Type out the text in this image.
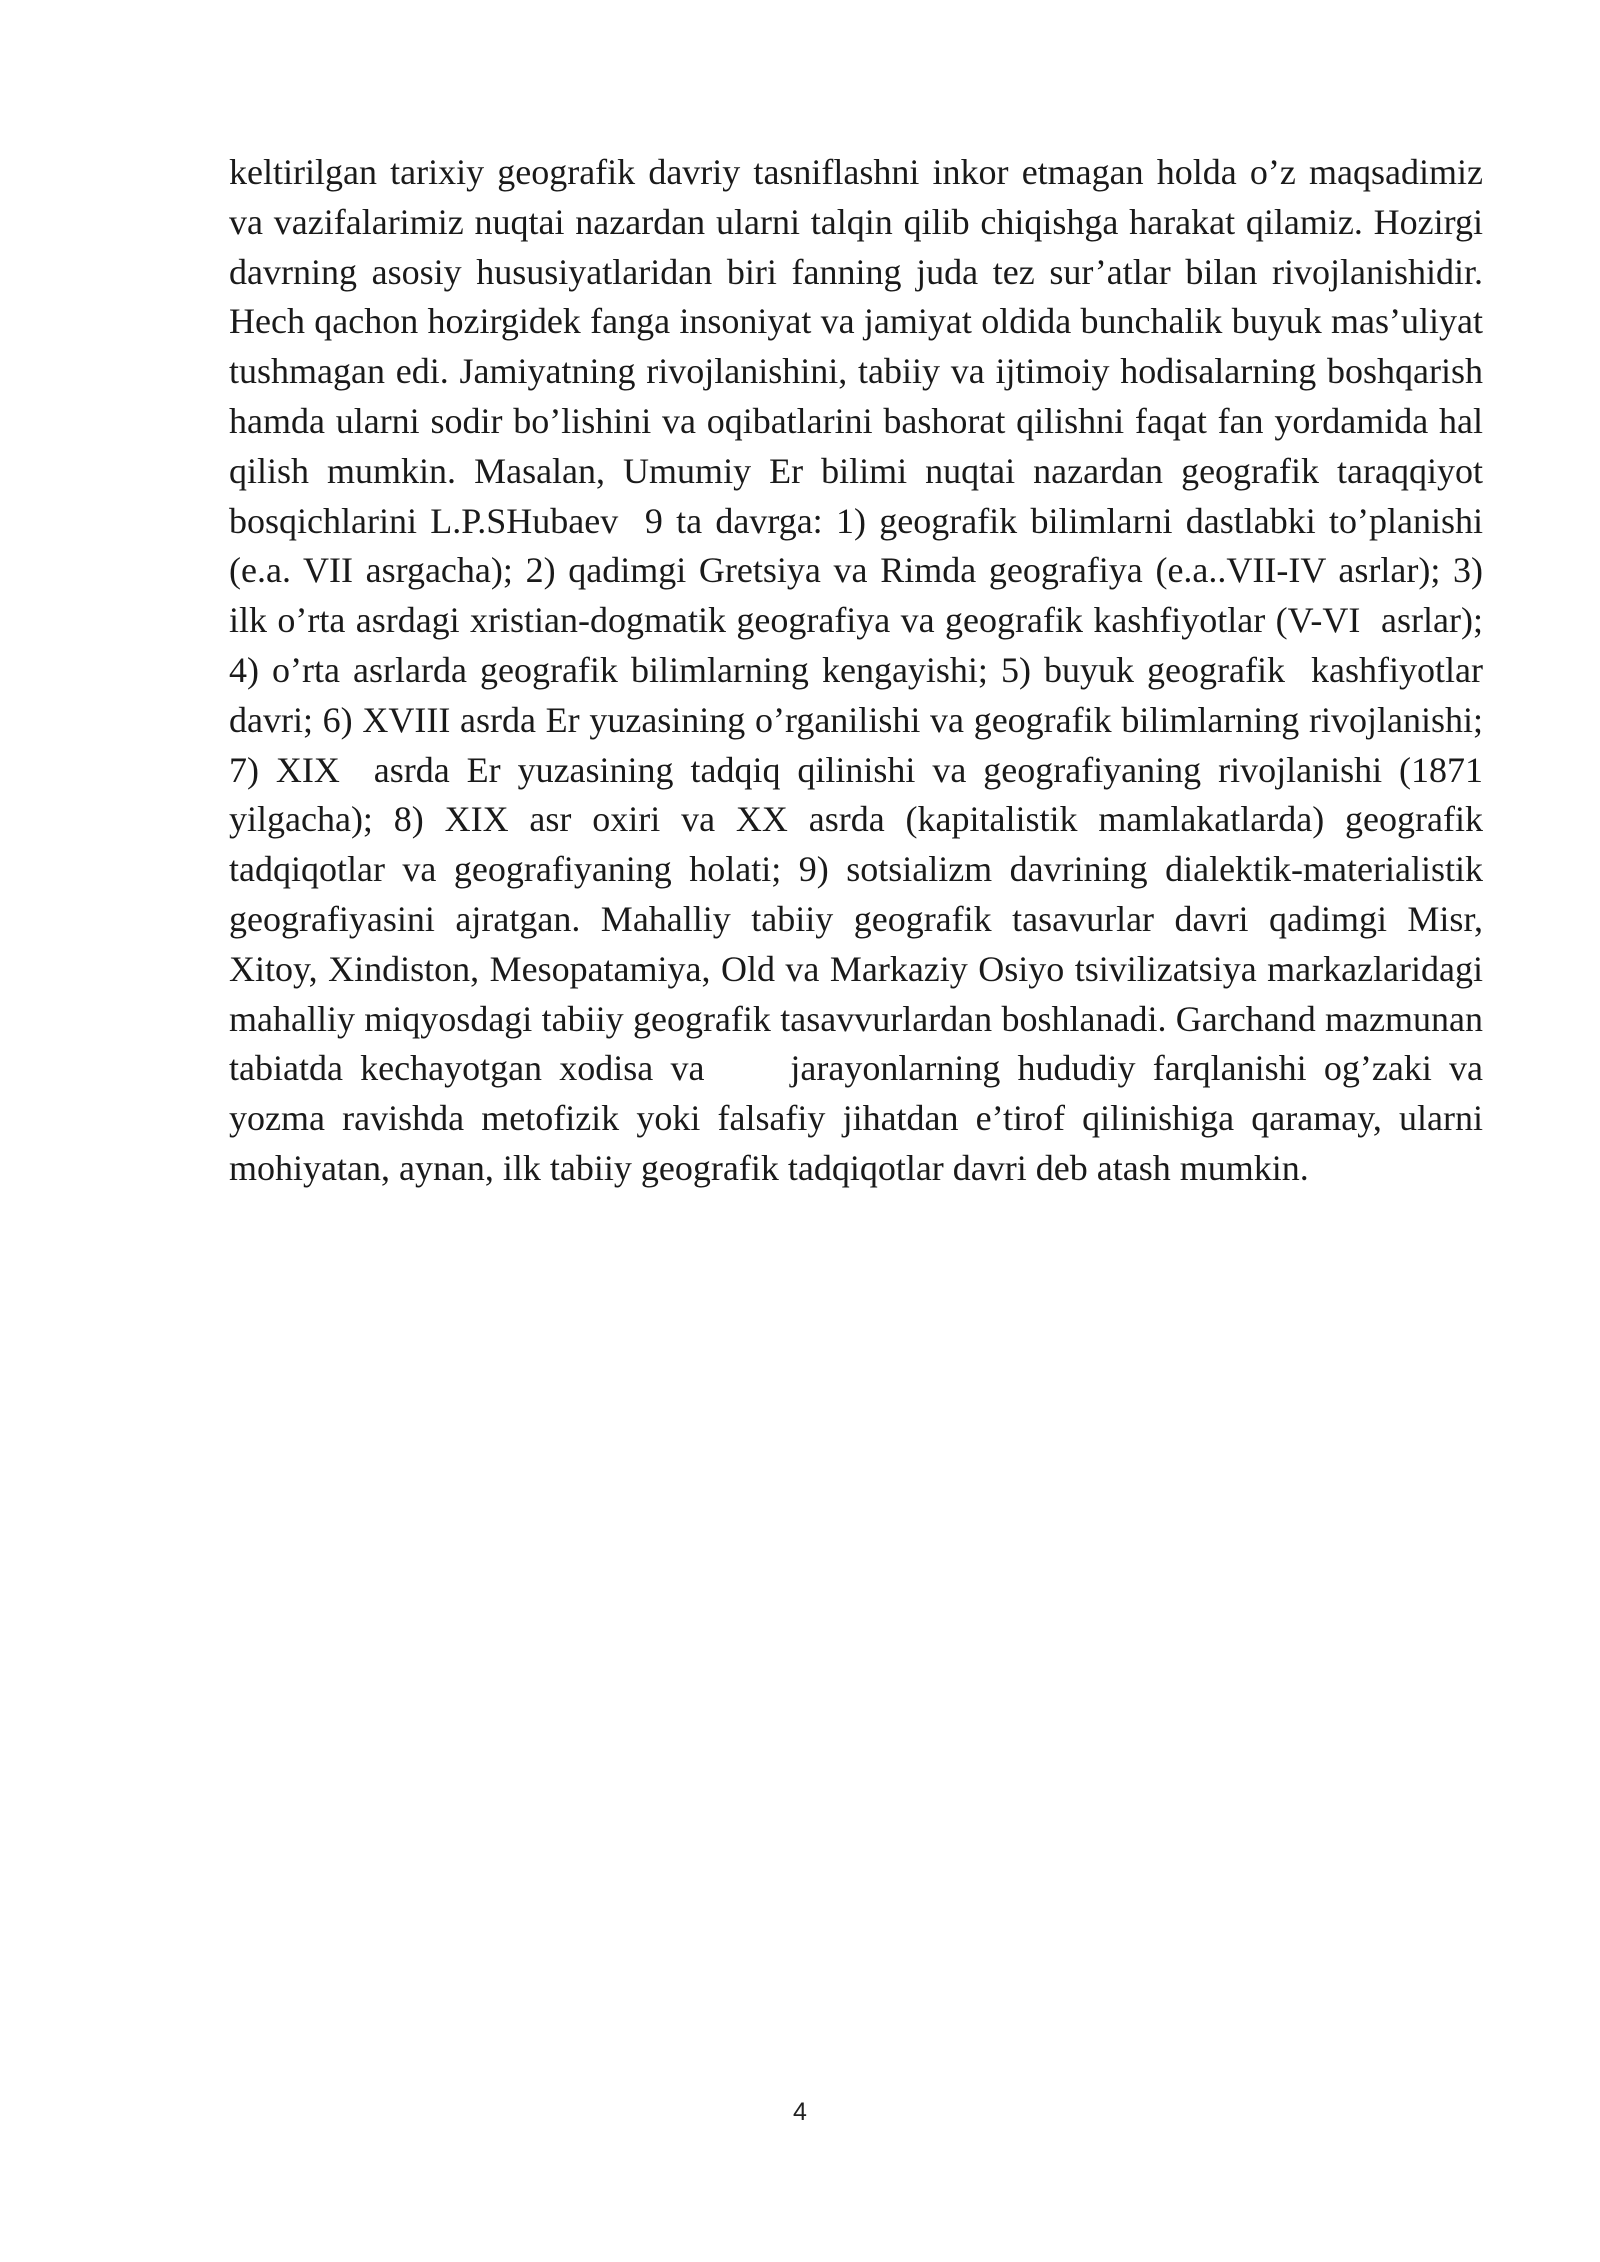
keltirilgan tarixiy geografik davriy tasniflashni inkor etmagan holda o’z maqsadimiz va vazifalarimiz nuqtai nazardan ularni talqin qilib chiqishga harakat qilamiz. Hozirgi davrning asosiy hususiyatlaridan biri fanning juda tez sur’atlar bilan rivojlanishidir. Hech qachon hozirgidek fanga insoniyat va jamiyat oldida bunchalik buyuk mas’uliyat tushmagan edi. Jamiyatning rivojlanishini, tabiiy va ijtimoiy hodisalarning boshqarish hamda ularni sodir bo’lishini va oqibatlarini bashorat qilishni faqat fan yordamida hal qilish mumkin. Masalan, Umumiy Er bilimi nuqtai nazardan geografik taraqqiyot bosqichlarini L.P.SHubaev  9 ta davrga: 1) geografik bilimlarni dastlabki to’planishi (e.a. VII asrgacha); 2) qadimgi Gretsiya va Rimda geografiya (e.a..VII-IV asrlar); 3) ilk o’rta asrdagi xristian-dogmatik geografiya va geografik kashfiyotlar (V-VI  asrlar); 4) o’rta asrlarda geografik bilimlarning kengayishi; 5) buyuk geografik  kashfiyotlar davri; 6) XVIII asrda Er yuzasining o’rganilishi va geografik bilimlarning rivojlanishi; 7) XIX  asrda Er yuzasining tadqiq qilinishi va geografiyaning rivojlanishi (1871 yilgacha); 8) XIX asr oxiri va XX asrda (kapitalistik mamlakatlarda) geografik tadqiqotlar va geografiyaning holati; 9) sotsializm davrining dialektik-materialistik geografiyasini ajratgan. Mahalliy tabiiy geografik tasavurlar davri qadimgi Misr, Xitoy, Xindiston, Mesopatamiya, Old va Markaziy Osiyo tsivilizatsiya markazlaridagi mahalliy miqyosdagi tabiiy geografik tasavvurlardan boshlanadi. Garchand mazmunan tabiatda kechayotgan xodisa va     jarayonlarning hududiy farqlanishi og’zaki va yozma ravishda metofizik yoki falsafiy jihatdan e’tirof qilinishiga qaramay, ularni mohiyatan, aynan, ilk tabiiy geografik tadqiqotlar davri deb atash mumkin.

4
